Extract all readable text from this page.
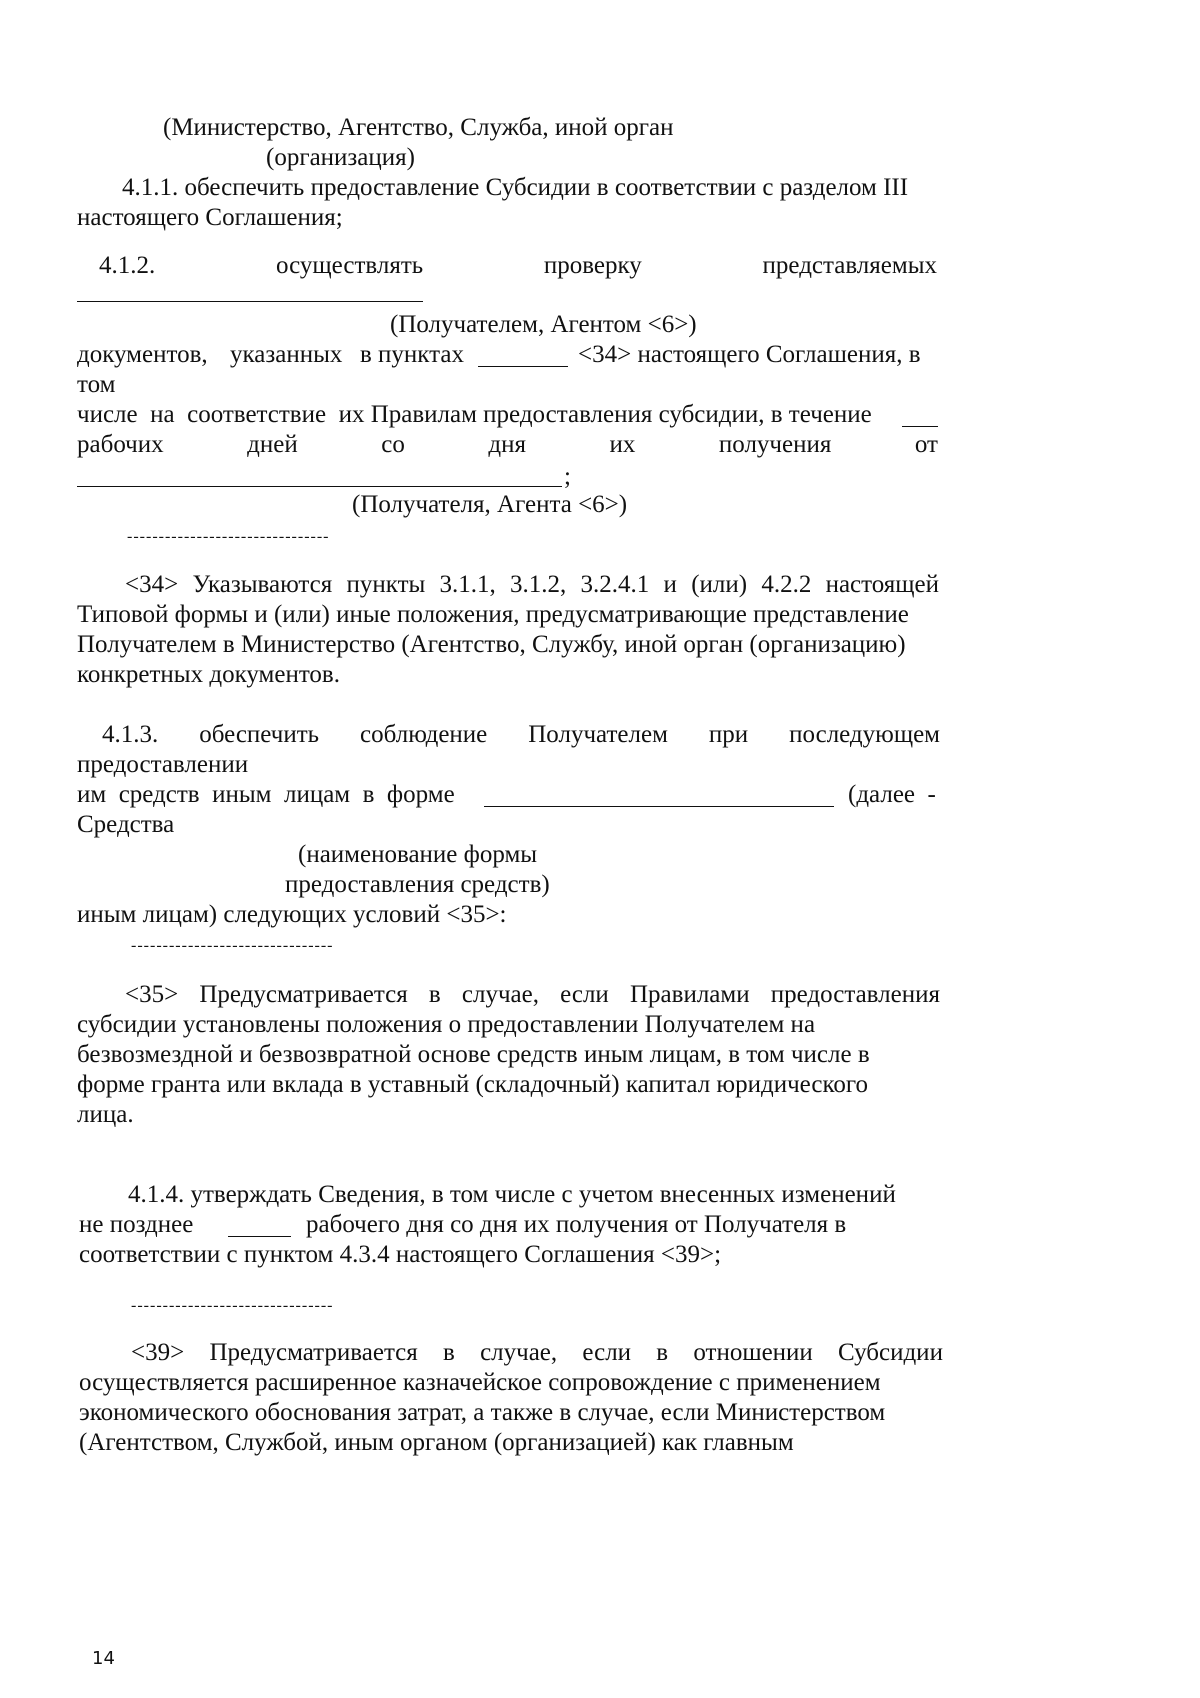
(Министерство, Агентство, Служба, иной орган
(организация)
4.1.1. обеспечить предоставление Субсидии в соответствии с разделом III
настоящего Соглашения;
4.1.2.	осуществлять	проверку	представляемых
(Получателем, Агентом <6>)
документов, указанных в пунктах	<34> настоящего Соглашения, в
том
числе  на  соответствие  их Правилам предоставления субсидии, в течение
рабочих	дней	со	дня	их	получения	от
;
(Получателя, Агента <6>)
--------------------------------
<34> Указываются пункты 3.1.1, 3.1.2, 3.2.4.1 и (или) 4.2.2 настоящей
Типовой формы и (или) иные положения, предусматривающие представление
Получателем в Министерство (Агентство, Службу, иной орган (организацию)
конкретных документов.
4.1.3. обеспечить соблюдение Получателем при последующем
предоставлении
им  средств  иным  лицам  в  форме	(далее  -
Средства
(наименование формы
предоставления средств)
иным лицам) следующих условий <35>:
--------------------------------
<35> Предусматривается в случае, если Правилами предоставления
субсидии установлены положения о предоставлении Получателем на
безвозмездной и безвозвратной основе средств иным лицам, в том числе в
форме гранта или вклада в уставный (складочный) капитал юридического
лица.
4.1.4. утверждать Сведения, в том числе с учетом внесенных изменений
не позднее	рабочего дня со дня их получения от Получателя в
соответствии с пунктом 4.3.4 настоящего Соглашения <39>;
--------------------------------
<39> Предусматривается в случае, если в отношении Субсидии
осуществляется расширенное казначейское сопровождение с применением
экономического обоснования затрат, а также в случае, если Министерством
(Агентством, Службой, иным органом (организацией) как главным
14
